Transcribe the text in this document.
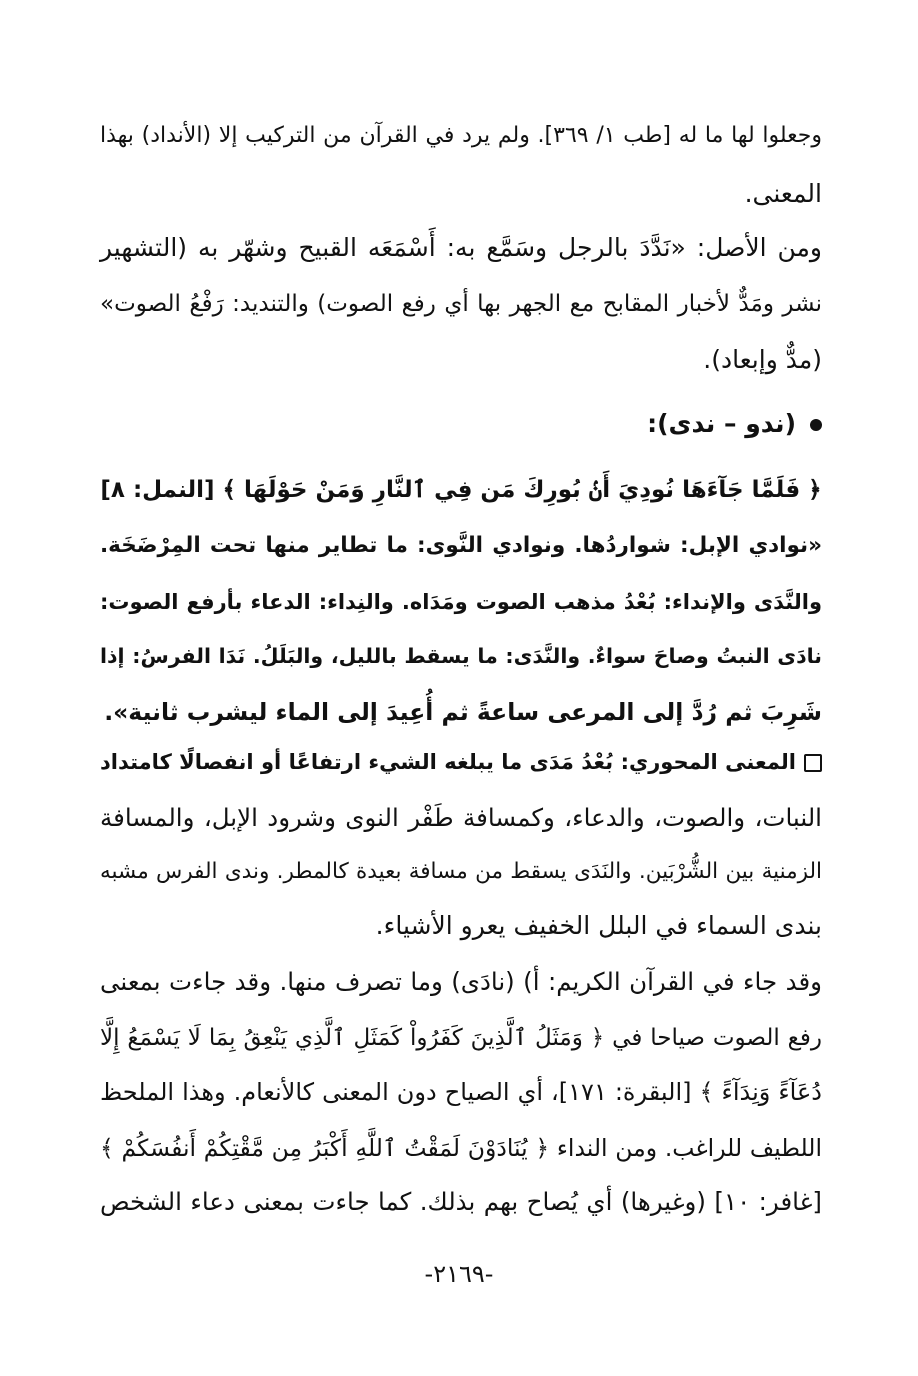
وجعلوا لها ما له [طب ١/ ٣٦٩]. ولم يرد في القرآن من التركيب إلا (الأنداد) بهذا
المعنى.
ومن الأصل: «نَدَّدَ بالرجل وسَمَّع به: أَسْمَعَه القبيح وشهّر به (التشهير
نشر ومَدٌّ لأخبار المقابح مع الجهر بها أي رفع الصوت) والتنديد: رَفْعُ الصوت»
(مدٌّ وإبعاد).
(ندو – ندى):
﴿ فَلَمَّا جَآءَهَا نُودِيَ أَنۢ بُورِكَ مَن فِي ٱلنَّارِ وَمَنْ حَوْلَهَا ﴾ [النمل: ٨]
«نوادي الإبل: شواردُها. ونوادي النَّوى: ما تطاير منها تحت المِرْضَخَة.
والنَّدَى والإنداء: بُعْدُ مذهب الصوت ومَدَاه. والنِداء: الدعاء بأرفع الصوت:
نادَى النبتُ وصاحَ سواءٌ. والنَّدَى: ما يسقط بالليل، والبَلَلُ. نَدَا الفرسُ: إذا
شَرِبَ ثم رُدَّ إلى المرعى ساعةً ثم أُعِيدَ إلى الماء ليشرب ثانية».
المعنى المحوري: بُعْدُ مَدَى ما يبلغه الشيء ارتفاعًا أو انفصالًا كامتداد
النبات، والصوت، والدعاء، وكمسافة طَفْر النوى وشرود الإبل، والمسافة
الزمنية بين الشُّرْبَين. والنَدَى يسقط من مسافة بعيدة كالمطر. وندى الفرس مشبه
بندى السماء في البلل الخفيف يعرو الأشياء.
وقد جاء في القرآن الكريم: أ) (نادَى) وما تصرف منها. وقد جاءت بمعنى
رفع الصوت صياحا في ﴿ وَمَثَلُ ٱلَّذِينَ كَفَرُواْ كَمَثَلِ ٱلَّذِي يَنْعِقُ بِمَا لَا يَسْمَعُ إِلَّا
دُعَآءً وَنِدَآءً ﴾ [البقرة: ١٧١]، أي الصياح دون المعنى كالأنعام. وهذا الملحظ
اللطيف للراغب. ومن النداء ﴿ يُنَادَوْنَ لَمَقْتُ ٱللَّهِ أَكْبَرُ مِن مَّقْتِكُمْ أَنفُسَكُمْ ﴾
[غافر: ١٠] (وغيرها) أي يُصاح بهم بذلك. كما جاءت بمعنى دعاء الشخص
-٢١٦٩-
